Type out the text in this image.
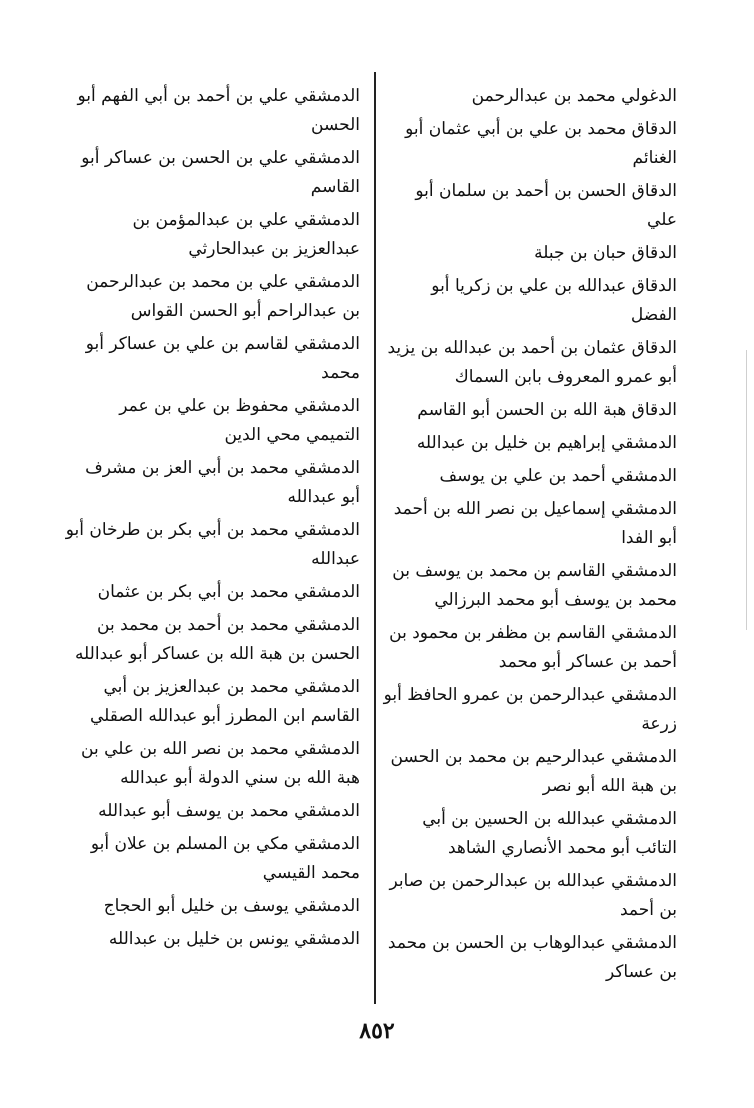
الدغولي محمد بن عبدالرحمن

الدقاق محمد بن علي بن أبي عثمان أبو الغنائم

الدقاق الحسن بن أحمد بن سلمان أبو علي

الدقاق حبان بن جبلة

الدقاق عبدالله بن علي بن زكريا أبو الفضل

الدقاق عثمان بن أحمد بن عبدالله بن يزيد أبو عمرو المعروف بابن السماك

الدقاق هبة الله بن الحسن أبو القاسم

الدمشقي إبراهيم بن خليل بن عبدالله

الدمشقي أحمد بن علي بن يوسف

الدمشقي إسماعيل بن نصر الله بن أحمد أبو الفدا

الدمشقي القاسم بن محمد بن يوسف بن محمد بن يوسف أبو محمد البرزالي

الدمشقي القاسم بن مظفر بن محمود بن أحمد بن عساكر أبو محمد

الدمشقي عبدالرحمن بن عمرو الحافظ أبو زرعة

الدمشقي عبدالرحيم بن محمد بن الحسن بن هبة الله أبو نصر

الدمشقي عبدالله بن الحسين بن أبي التائب أبو محمد الأنصاري الشاهد

الدمشقي عبدالله بن عبدالرحمن بن صابر بن أحمد

الدمشقي عبدالوهاب بن الحسن بن محمد بن عساكر

الدمشقي علي بن أحمد بن أبي الفهم أبو الحسن

الدمشقي علي بن الحسن بن عساكر أبو القاسم

الدمشقي علي بن عبدالمؤمن بن عبدالعزيز بن عبدالحارثي

الدمشقي علي بن محمد بن عبدالرحمن بن عبدالراحم أبو الحسن القواس

الدمشقي لقاسم بن علي بن عساكر أبو محمد

الدمشقي محفوظ بن علي بن عمر التميمي محي الدين

الدمشقي محمد بن أبي العز بن مشرف أبو عبدالله

الدمشقي محمد بن أبي بكر بن طرخان أبو عبدالله

الدمشقي محمد بن أبي بكر بن عثمان

الدمشقي محمد بن أحمد بن محمد بن الحسن بن هبة الله بن عساكر أبو عبدالله

الدمشقي محمد بن عبدالعزيز بن أبي القاسم ابن المطرز أبو عبدالله الصقلي

الدمشقي محمد بن نصر الله بن علي بن هبة الله بن سني الدولة أبو عبدالله

الدمشقي محمد بن يوسف أبو عبدالله

الدمشقي مكي بن المسلم بن علان أبو محمد القيسي

الدمشقي يوسف بن خليل أبو الحجاج

الدمشقي يونس بن خليل بن عبدالله

٨٥٢
